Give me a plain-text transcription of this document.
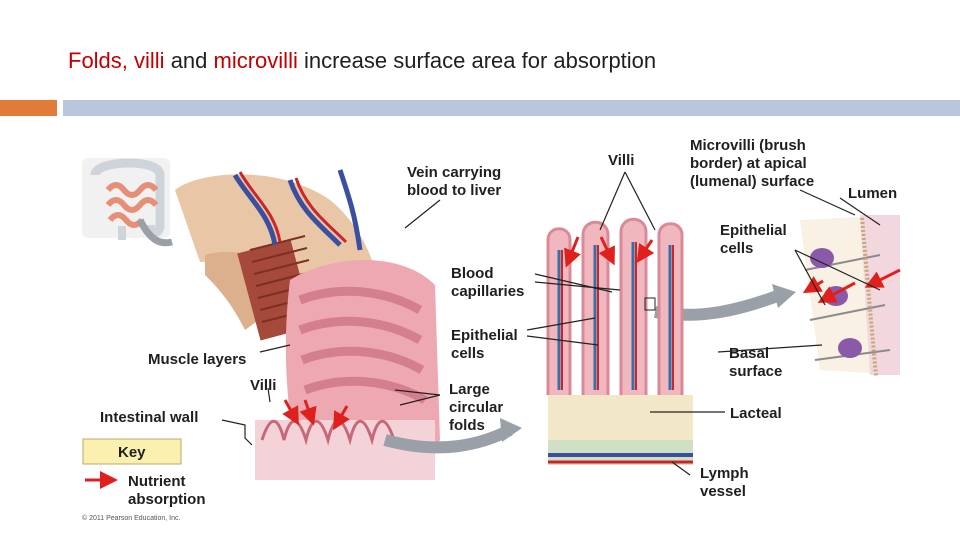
Folds, villi and microvilli increase surface area for absorption
Vein carrying
blood to liver
Villi
Microvilli (brush
border) at apical
(lumenal) surface
Lumen
Epithelial
cells
Blood
capillaries
Epithelial
cells
Muscle layers
Villi	Large
circular
folds
Basal
surface
Intestinal wall	Lacteal
Lymph
vessel
Key
Nutrient
absorption
© 2011 Pearson Education, Inc.
